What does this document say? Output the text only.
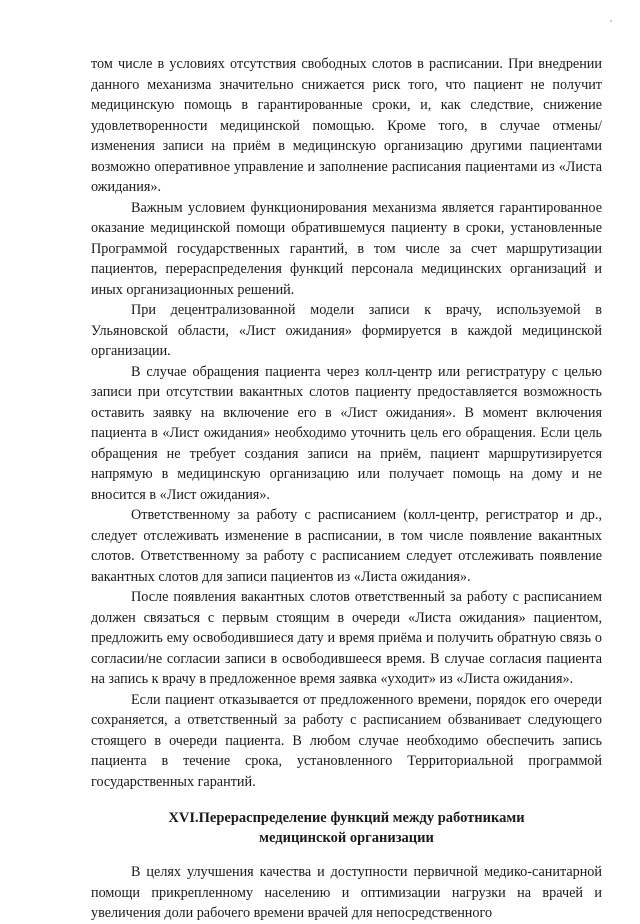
том числе в условиях отсутствия свободных слотов в расписании. При внедрении данного механизма значительно снижается риск того, что пациент не получит медицинскую помощь в гарантированные сроки, и, как следствие, снижение удовлетворенности медицинской помощью. Кроме того, в случае отмены/изменения записи на приём в медицинскую организацию другими пациентами возможно оперативное управление и заполнение расписания пациентами из «Листа ожидания».

Важным условием функционирования механизма является гарантированное оказание медицинской помощи обратившемуся пациенту в сроки, установленные Программой государственных гарантий, в том числе за счет маршрутизации пациентов, перераспределения функций персонала медицинских организаций и иных организационных решений.

При децентрализованной модели записи к врачу, используемой в Ульяновской области, «Лист ожидания» формируется в каждой медицинской организации.

В случае обращения пациента через колл-центр или регистратуру с целью записи при отсутствии вакантных слотов пациенту предоставляется возможность оставить заявку на включение его в «Лист ожидания». В момент включения пациента в «Лист ожидания» необходимо уточнить цель его обращения. Если цель обращения не требует создания записи на приём, пациент маршрутизируется напрямую в медицинскую организацию или получает помощь на дому и не вносится в «Лист ожидания».

Ответственному за работу с расписанием (колл-центр, регистратор и др., следует отслеживать изменение в расписании, в том числе появление вакантных слотов. Ответственному за работу с расписанием следует отслеживать появление вакантных слотов для записи пациентов из «Листа ожидания».

После появления вакантных слотов ответственный за работу с расписанием должен связаться с первым стоящим в очереди «Листа ожидания» пациентом, предложить ему освободившиеся дату и время приёма и получить обратную связь о согласии/не согласии записи в освободившееся время. В случае согласия пациента на запись к врачу в предложенное время заявка «уходит» из «Листа ожидания».

Если пациент отказывается от предложенного времени, порядок его очереди сохраняется, а ответственный за работу с расписанием обзванивает следующего стоящего в очереди пациента. В любом случае необходимо обеспечить запись пациента в течение срока, установленного Территориальной программой государственных гарантий.

XVI.Перераспределение функций между работниками
медицинской организации

В целях улучшения качества и доступности первичной медико-санитарной помощи прикрепленному населению и оптимизации нагрузки на врачей и увеличения доли рабочего времени врачей для непосредственного
